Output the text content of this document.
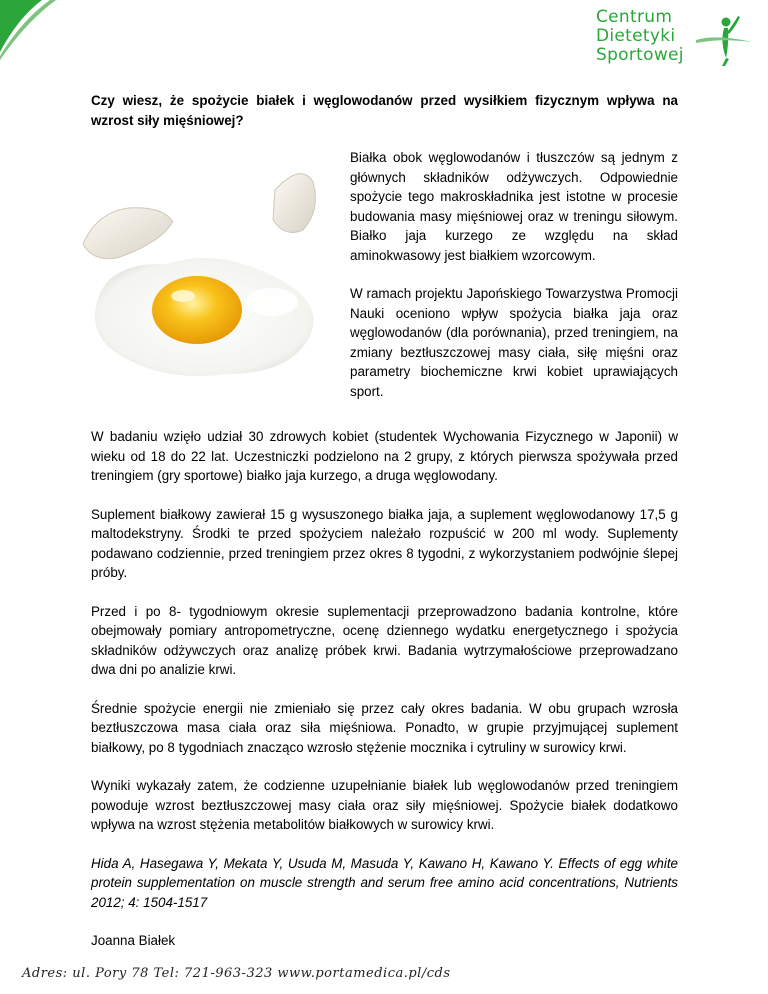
Centrum
Dietetyki
Sportowej

Czy wiesz, że spożycie białek i węglowodanów przed wysiłkiem fizycznym wpływa na wzrost siły mięśniowej?

Białka obok węglowodanów i tłuszczów są jednym z głównych składników odżywczych. Odpowiednie spożycie tego makroskładnika jest istotne w procesie budowania masy mięśniowej oraz w treningu siłowym. Białko jaja kurzego ze względu na skład aminokwasowy jest białkiem wzorcowym.

W ramach projektu Japońskiego Towarzystwa Promocji Nauki oceniono wpływ spożycia białka jaja oraz węglowodanów (dla porównania), przed treningiem, na zmiany beztłuszczowej masy ciała, siłę mięśni oraz parametry biochemiczne krwi kobiet uprawiających sport.

W badaniu wzięło udział 30 zdrowych kobiet (studentek Wychowania Fizycznego w Japonii) w wieku od 18 do 22 lat. Uczestniczki podzielono na 2 grupy, z których pierwsza spożywała przed treningiem (gry sportowe) białko jaja kurzego, a druga węglowodany.

Suplement białkowy zawierał 15 g wysuszonego białka jaja, a suplement węglowodanowy 17,5 g maltodekstryny. Środki te przed spożyciem należało rozpuścić w 200 ml wody. Suplementy podawano codziennie, przed treningiem przez okres 8 tygodni, z wykorzystaniem podwójnie ślepej próby.

Przed i po 8- tygodniowym okresie suplementacji przeprowadzono badania kontrolne, które obejmowały pomiary antropometryczne, ocenę dziennego wydatku energetycznego i spożycia składników odżywczych oraz analizę próbek krwi. Badania wytrzymałościowe przeprowadzano dwa dni po analizie krwi.

Średnie spożycie energii nie zmieniało się przez cały okres badania. W obu grupach wzrosła beztłuszczowa masa ciała oraz siła mięśniowa. Ponadto, w grupie przyjmującej suplement białkowy, po 8 tygodniach znacząco wzrosło stężenie mocznika i cytruliny w surowicy krwi.

Wyniki wykazały zatem, że codzienne uzupełnianie białek lub węglowodanów przed treningiem powoduje wzrost beztłuszczowej masy ciała oraz siły mięśniowej. Spożycie białek dodatkowo wpływa na wzrost stężenia metabolitów białkowych w surowicy krwi.

Hida A, Hasegawa Y, Mekata Y, Usuda M, Masuda Y, Kawano H, Kawano Y. Effects of egg white protein supplementation on muscle strength and serum free amino acid concentrations, Nutrients 2012; 4: 1504-1517

Joanna Białek

Adres: ul. Pory 78 Tel: 721-963-323 www.portamedica.pl/cds
